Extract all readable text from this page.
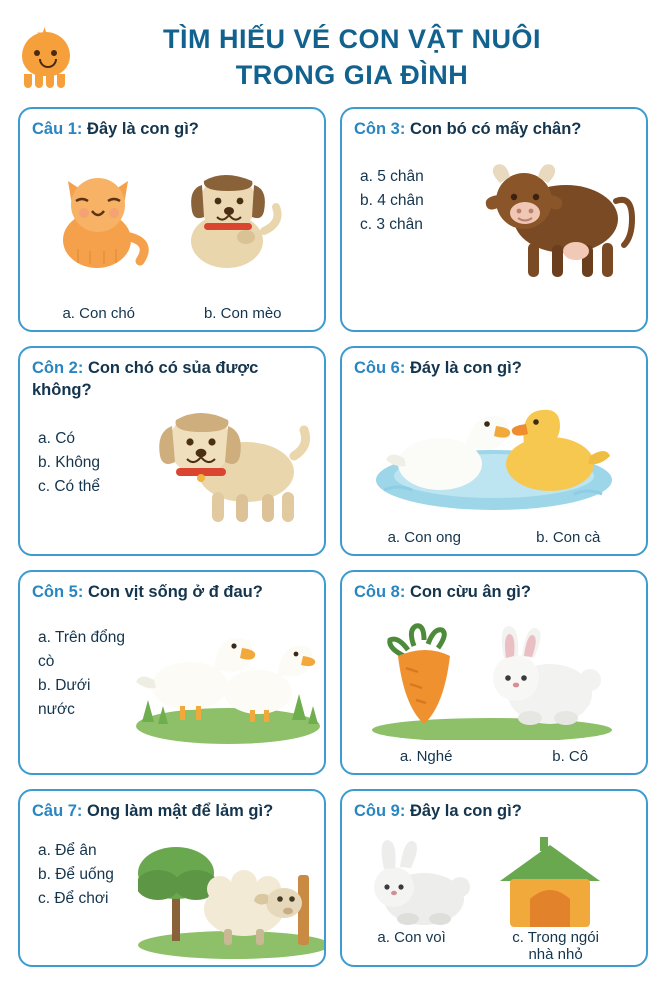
TÌM HIẾU VÉ CON VẬT NUÔI
TRONG GIA ĐÌNH
Câu 1: Đây là con gì?
a. Con chó	b. Con mèo
Côn 3: Con bó có mấy chân?
a. 5 chân
b. 4 chân
c. 3 chân
Côn 2: Con chó có sủa được không?
a. Có
b. Không
c. Có thể
Côu 6: Đáy là con gì?
a. Con ong	b. Con cà
Côn 5: Con vịt sống ở đ đau?
a. Trên đổng cò
b. Dưới nước
Côu 8: Con cừu ân gì?
a. Nghé	b. Cô
Câu 7: Ong làm mật để lảm gì?
a. Để ân
b. Để uống
c. Để chơi
Côu 9: Đây la con gì?
a. Con voì	c. Trong ngói nhà nhỏ
